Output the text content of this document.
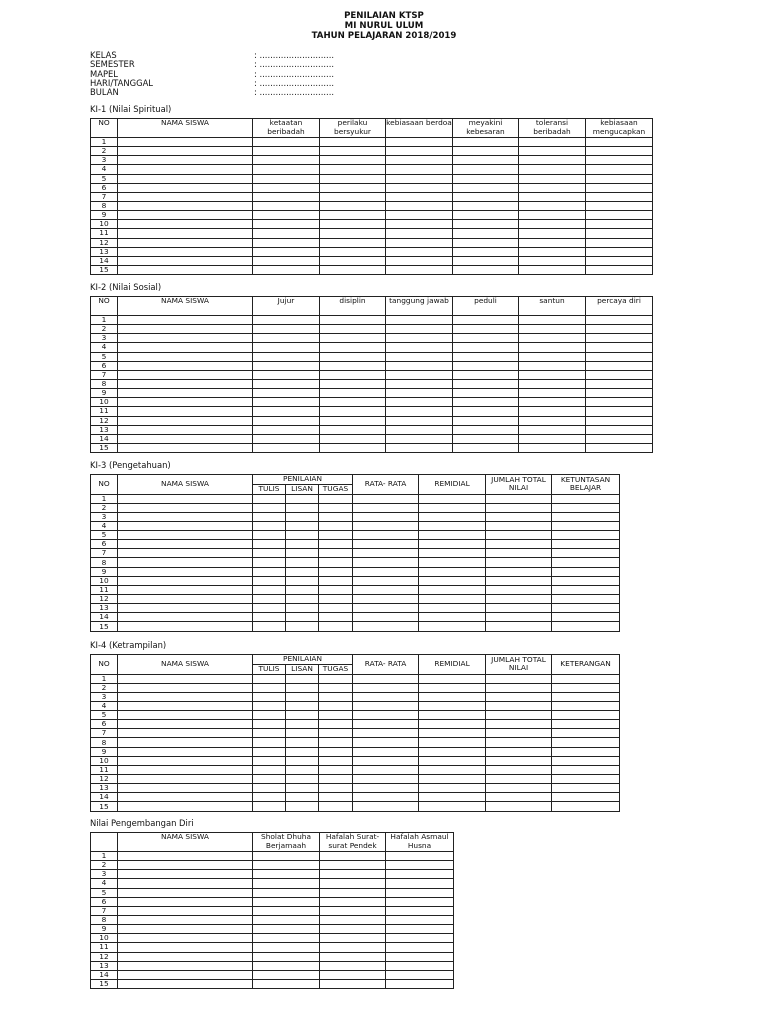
PENILAIAN KTSP
MI NURUL ULUM
TAHUN PELAJARAN 2018/2019
KELAS	: ............................
SEMESTER	: ............................
MAPEL	: ............................
HARI/TANGGAL	: ............................
BULAN	: ............................
KI-1 (Nilai Spiritual)
NO	NAMA SISWA	ketaatan beribadah	perilaku bersyukur	kebiasaan berdoa	meyakini kebesaran	toleransi beribadah	kebiasaan mengucapkan
1							
2							
3							
4							
5							
6							
7							
8							
9							
10							
11							
12							
13							
14							
15							
KI-2 (Nilai Sosial)
NO	NAMA SISWA	Jujur	disiplin	tanggung jawab	peduli	santun	percaya diri
1							
2							
3							
4							
5							
6							
7							
8							
9							
10							
11							
12							
13							
14							
15							
KI-3 (Pengetahuan)
NO	NAMA SISWA	PENILAIAN			RATA- RATA	REMIDIAL	JUMLAH TOTAL NILAI	KETUNTASAN BELAJAR
		TULIS	LISAN	TUGAS				
1								
2								
3								
4								
5								
6								
7								
8								
9								
10								
11								
12								
13								
14								
15								
KI-4 (Ketrampilan)
NO	NAMA SISWA	PENILAIAN			RATA- RATA	REMIDIAL	JUMLAH TOTAL NILAI	KETERANGAN
		TULIS	LISAN	TUGAS				
1								
2								
3								
4								
5								
6								
7								
8								
9								
10								
11								
12								
13								
14								
15								
Nilai Pengembangan Diri
	NAMA SISWA	Sholat Dhuha Berjamaah	Hafalah Surat-surat Pendek	Hafalah Asmaul Husna
1				
2				
3				
4				
5				
6				
7				
8				
9				
10				
11				
12				
13				
14				
15				
